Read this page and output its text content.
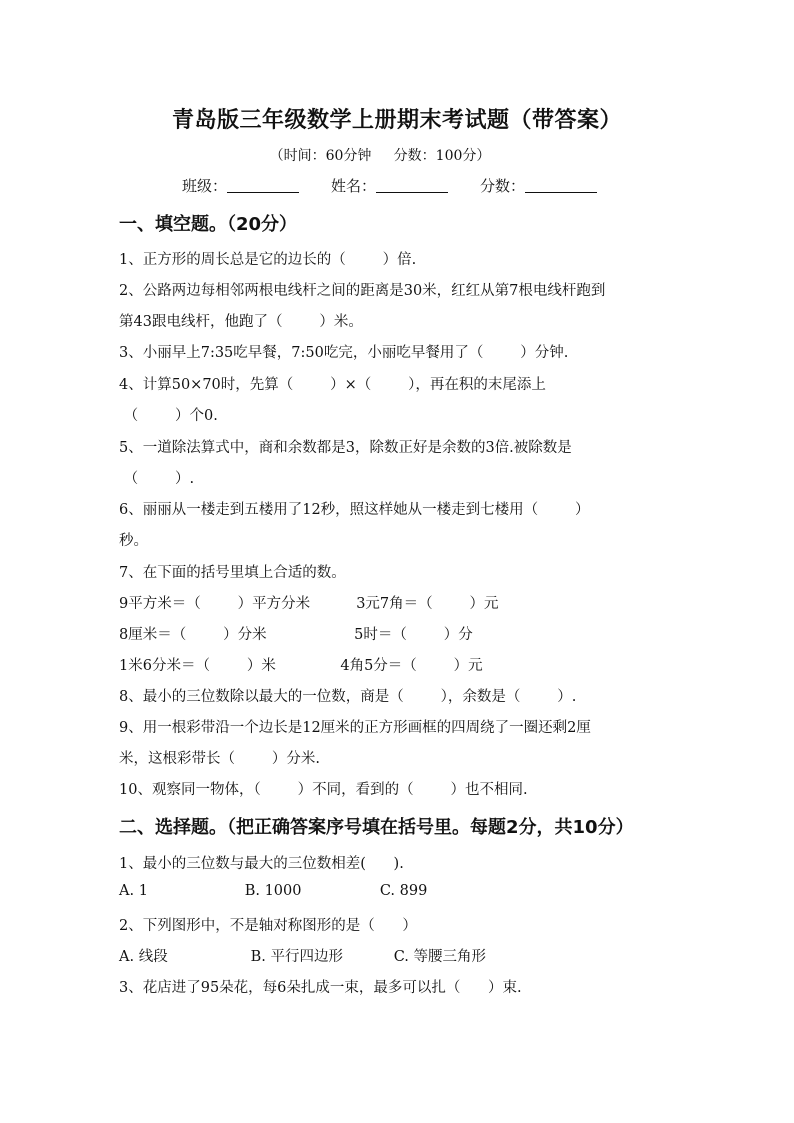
青岛版三年级数学上册期末考试题（带答案）
（时间：60分钟     分数：100分）
班级：	姓名：	分数：
一、填空题。（20分）
1、正方形的周长总是它的边长的（        ）倍.
2、公路两边每相邻两根电线杆之间的距离是30米，红红从第7根电线杆跑到
第43跟电线杆，他跑了（        ）米。
3、小丽早上7:35吃早餐，7:50吃完，小丽吃早餐用了（        ）分钟.
4、计算50×70时，先算（        ）×（        ），再在积的末尾添上
（        ）个0.
5、一道除法算式中，商和余数都是3，除数正好是余数的3倍.被除数是
（        ）.
6、丽丽从一楼走到五楼用了12秒，照这样她从一楼走到七楼用（        ）
秒。
7、在下面的括号里填上合适的数。
9平方米＝（        ）平方分米          3元7角＝（        ）元
8厘米＝（        ）分米                   5时＝（        ）分
1米6分米＝（        ）米              4角5分＝（        ）元
8、最小的三位数除以最大的一位数，商是（        ），余数是（        ）.
9、用一根彩带沿一个边长是12厘米的正方形画框的四周绕了一圈还剩2厘
米，这根彩带长（        ）分米.
10、观察同一物体，（        ）不同，看到的（        ）也不相同.
二、选择题。（把正确答案序号填在括号里。每题2分，共10分）
1、最小的三位数与最大的三位数相差(      ).
A. 1                     B. 1000                 C. 899
2、下列图形中，不是轴对称图形的是（      ）
A. 线段                  B. 平行四边形           C. 等腰三角形
3、花店进了95朵花，每6朵扎成一束，最多可以扎（      ）束.
